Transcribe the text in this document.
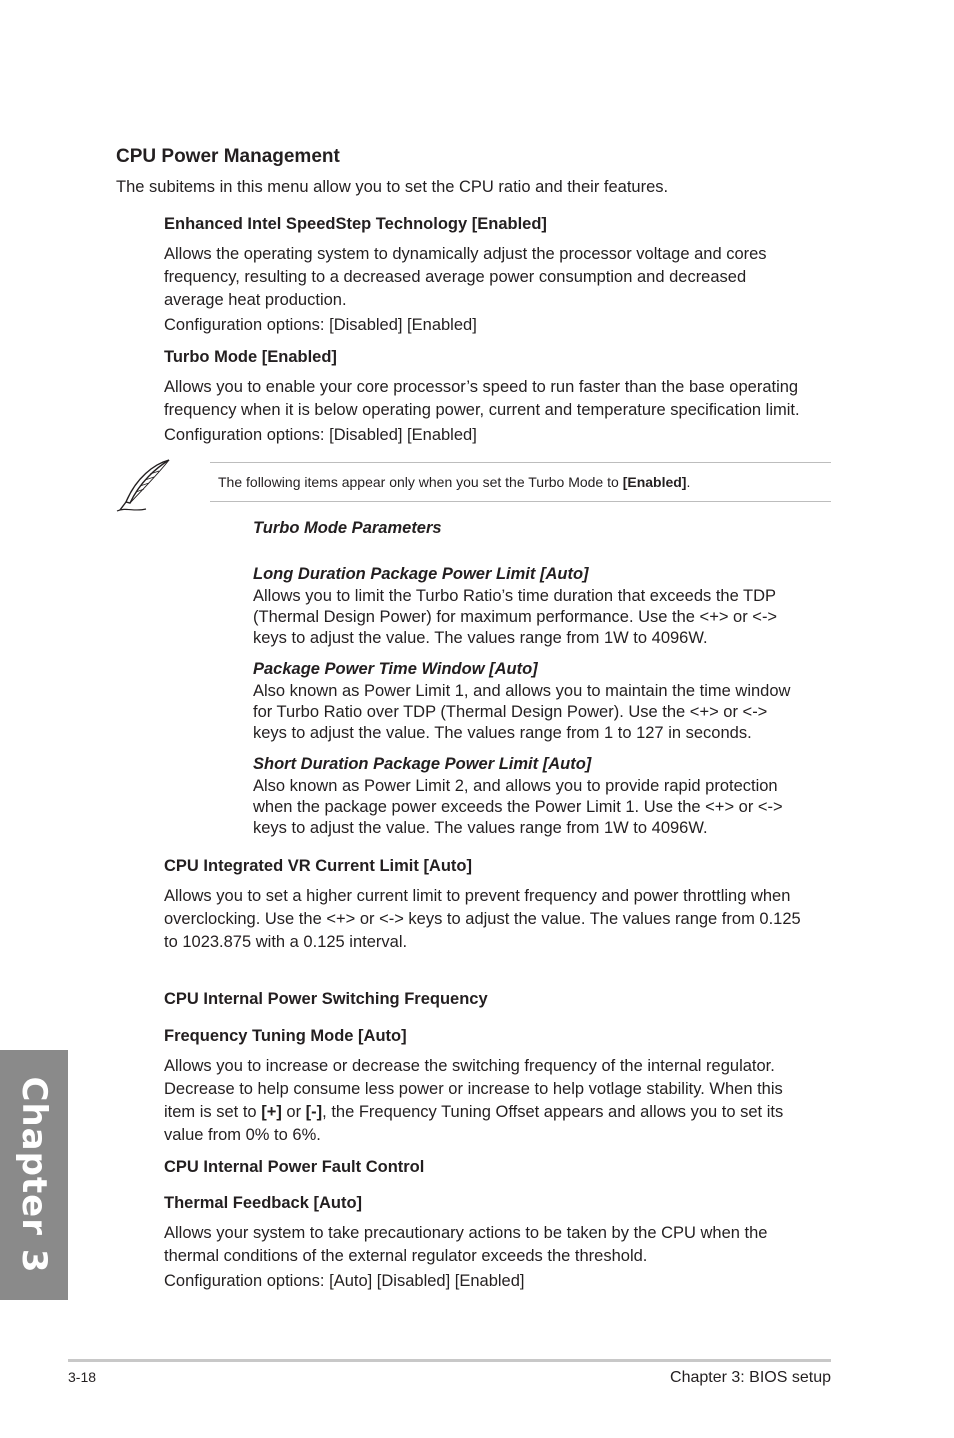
CPU Power Management
The subitems in this menu allow you to set the CPU ratio and their features.
Enhanced Intel SpeedStep Technology [Enabled]
Allows the operating system to dynamically adjust the processor voltage and cores
frequency, resulting to a decreased average power consumption and decreased
average heat production.
Configuration options: [Disabled] [Enabled]
Turbo Mode [Enabled]
Allows you to enable your core processor’s speed to run faster than the base operating
frequency when it is below operating power, current and temperature specification limit.
Configuration options: [Disabled] [Enabled]
The following items appear only when you set the Turbo Mode to [Enabled].
Turbo Mode Parameters
Long Duration Package Power Limit [Auto]
Allows you to limit the Turbo Ratio’s time duration that exceeds the TDP
(Thermal Design Power) for maximum performance. Use the <+> or <->
keys to adjust the value. The values range from 1W to 4096W.
Package Power Time Window [Auto]
Also known as Power Limit 1, and allows you to maintain the time window
for Turbo Ratio over TDP (Thermal Design Power). Use the <+> or <->
keys to adjust the value. The values range from 1 to 127 in seconds.
Short Duration Package Power Limit [Auto]
Also known as Power Limit 2, and allows you to provide rapid protection
when the package power exceeds the Power Limit 1. Use the <+> or <->
keys to adjust the value. The values range from 1W to 4096W.
CPU Integrated VR Current Limit [Auto]
Allows you to set a higher current limit to prevent frequency and power throttling when
overclocking. Use the <+> or <-> keys to adjust the value. The values range from 0.125
to 1023.875 with a 0.125 interval.
CPU Internal Power Switching Frequency
Frequency Tuning Mode [Auto]
Allows you to increase or decrease the switching frequency of the internal regulator.
Decrease to help consume less power or increase to help votlage stability. When this
item is set to [+] or [-], the Frequency Tuning Offset appears and allows you to set its
value from 0% to 6%.
CPU Internal Power Fault Control
Thermal Feedback [Auto]
Allows your system to take precautionary actions to be taken by the CPU when the
thermal conditions of the external regulator exceeds the threshold.
Configuration options: [Auto] [Disabled] [Enabled]
Chapter 3
3-18	Chapter 3: BIOS setup
